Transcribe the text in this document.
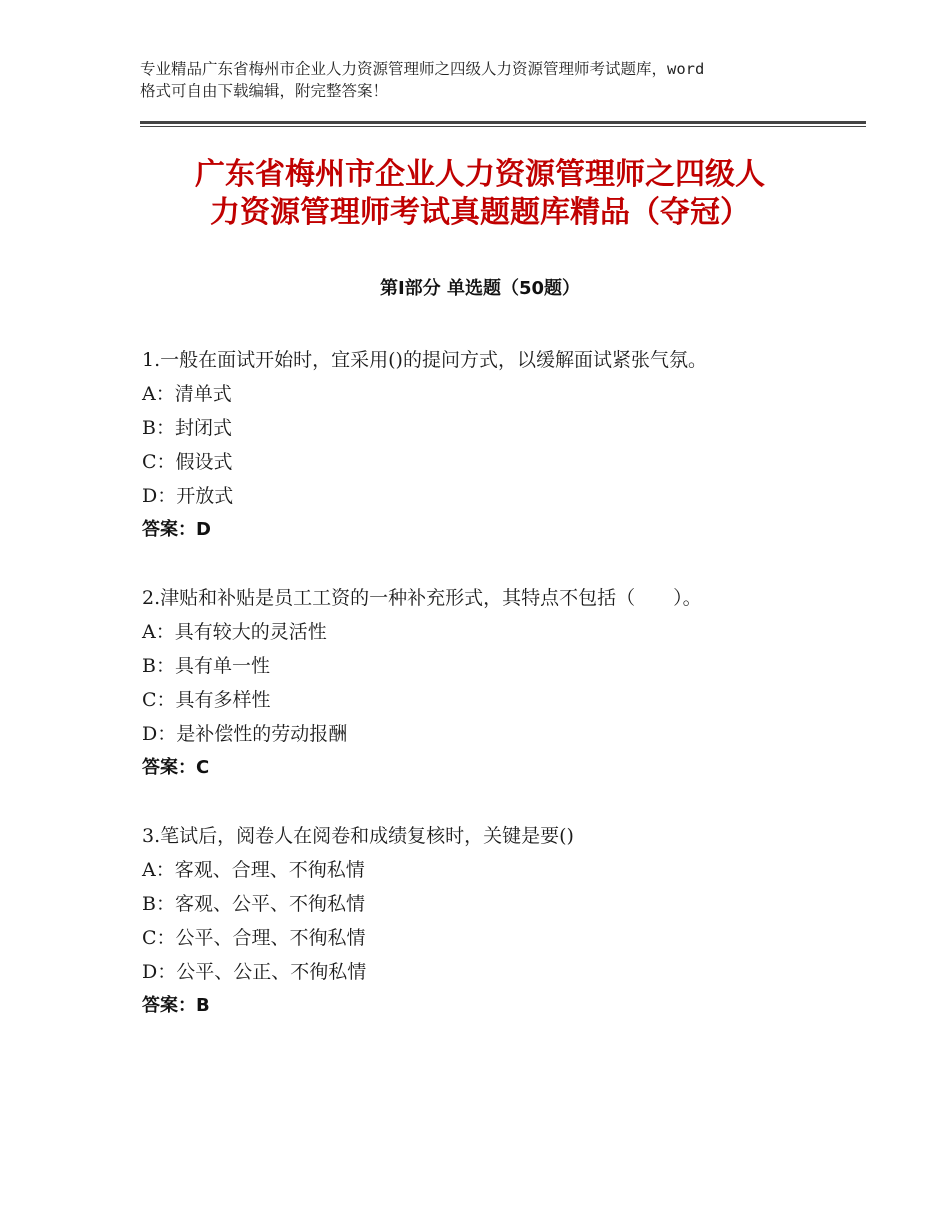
专业精品广东省梅州市企业人力资源管理师之四级人力资源管理师考试题库，word
格式可自由下载编辑，附完整答案！
广东省梅州市企业人力资源管理师之四级人
力资源管理师考试真题题库精品（夺冠）
第Ⅰ部分 单选题（50题）
1.一般在面试开始时，宜采用()的提问方式，以缓解面试紧张气氛。
A：清单式
B：封闭式
C：假设式
D：开放式
答案：D
2.津贴和补贴是员工工资的一种补充形式，其特点不包括（　　）。
A：具有较大的灵活性
B：具有单一性
C：具有多样性
D：是补偿性的劳动报酬
答案：C
3.笔试后，阅卷人在阅卷和成绩复核时，关键是要()
A：客观、合理、不徇私情
B：客观、公平、不徇私情
C：公平、合理、不徇私情
D：公平、公正、不徇私情
答案：B
